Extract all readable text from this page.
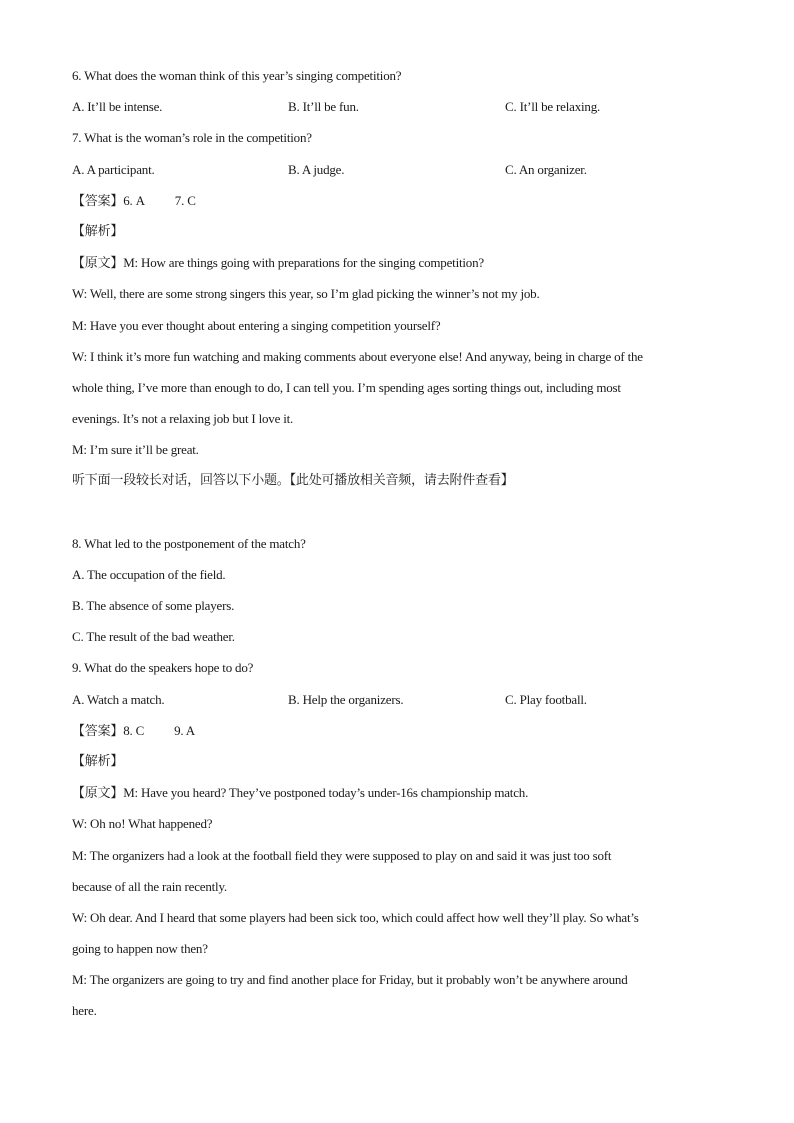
6. What does the woman think of this year’s singing competition?
A. It’ll be intense.	B. It’ll be fun.	C. It’ll be relaxing.
7. What is the woman’s role in the competition?
A. A participant.	B. A judge.	C. An organizer.
【答案】6. A 7. C
【解析】
【原文】M: How are things going with preparations for the singing competition?
W: Well, there are some strong singers this year, so I’m glad picking the winner’s not my job.
M: Have you ever thought about entering a singing competition yourself?
W: I think it’s more fun watching and making comments about everyone else! And anyway, being in charge of the
whole thing, I’ve more than enough to do, I can tell you. I’m spending ages sorting things out, including most
evenings. It’s not a relaxing job but I love it.
M: I’m sure it’ll be great.
听下面一段较长对话，回答以下小题。【此处可播放相关音频，请去附件查看】
8. What led to the postponement of the match?
A. The occupation of the field.
B. The absence of some players.
C. The result of the bad weather.
9. What do the speakers hope to do?
A. Watch a match.	B. Help the organizers.	C. Play football.
【答案】8. C 9. A
【解析】
【原文】M: Have you heard? They’ve postponed today’s under-16s championship match.
W: Oh no! What happened?
M: The organizers had a look at the football field they were supposed to play on and said it was just too soft
because of all the rain recently.
W: Oh dear. And I heard that some players had been sick too, which could affect how well they’ll play. So what’s
going to happen now then?
M: The organizers are going to try and find another place for Friday, but it probably won’t be anywhere around
here.
